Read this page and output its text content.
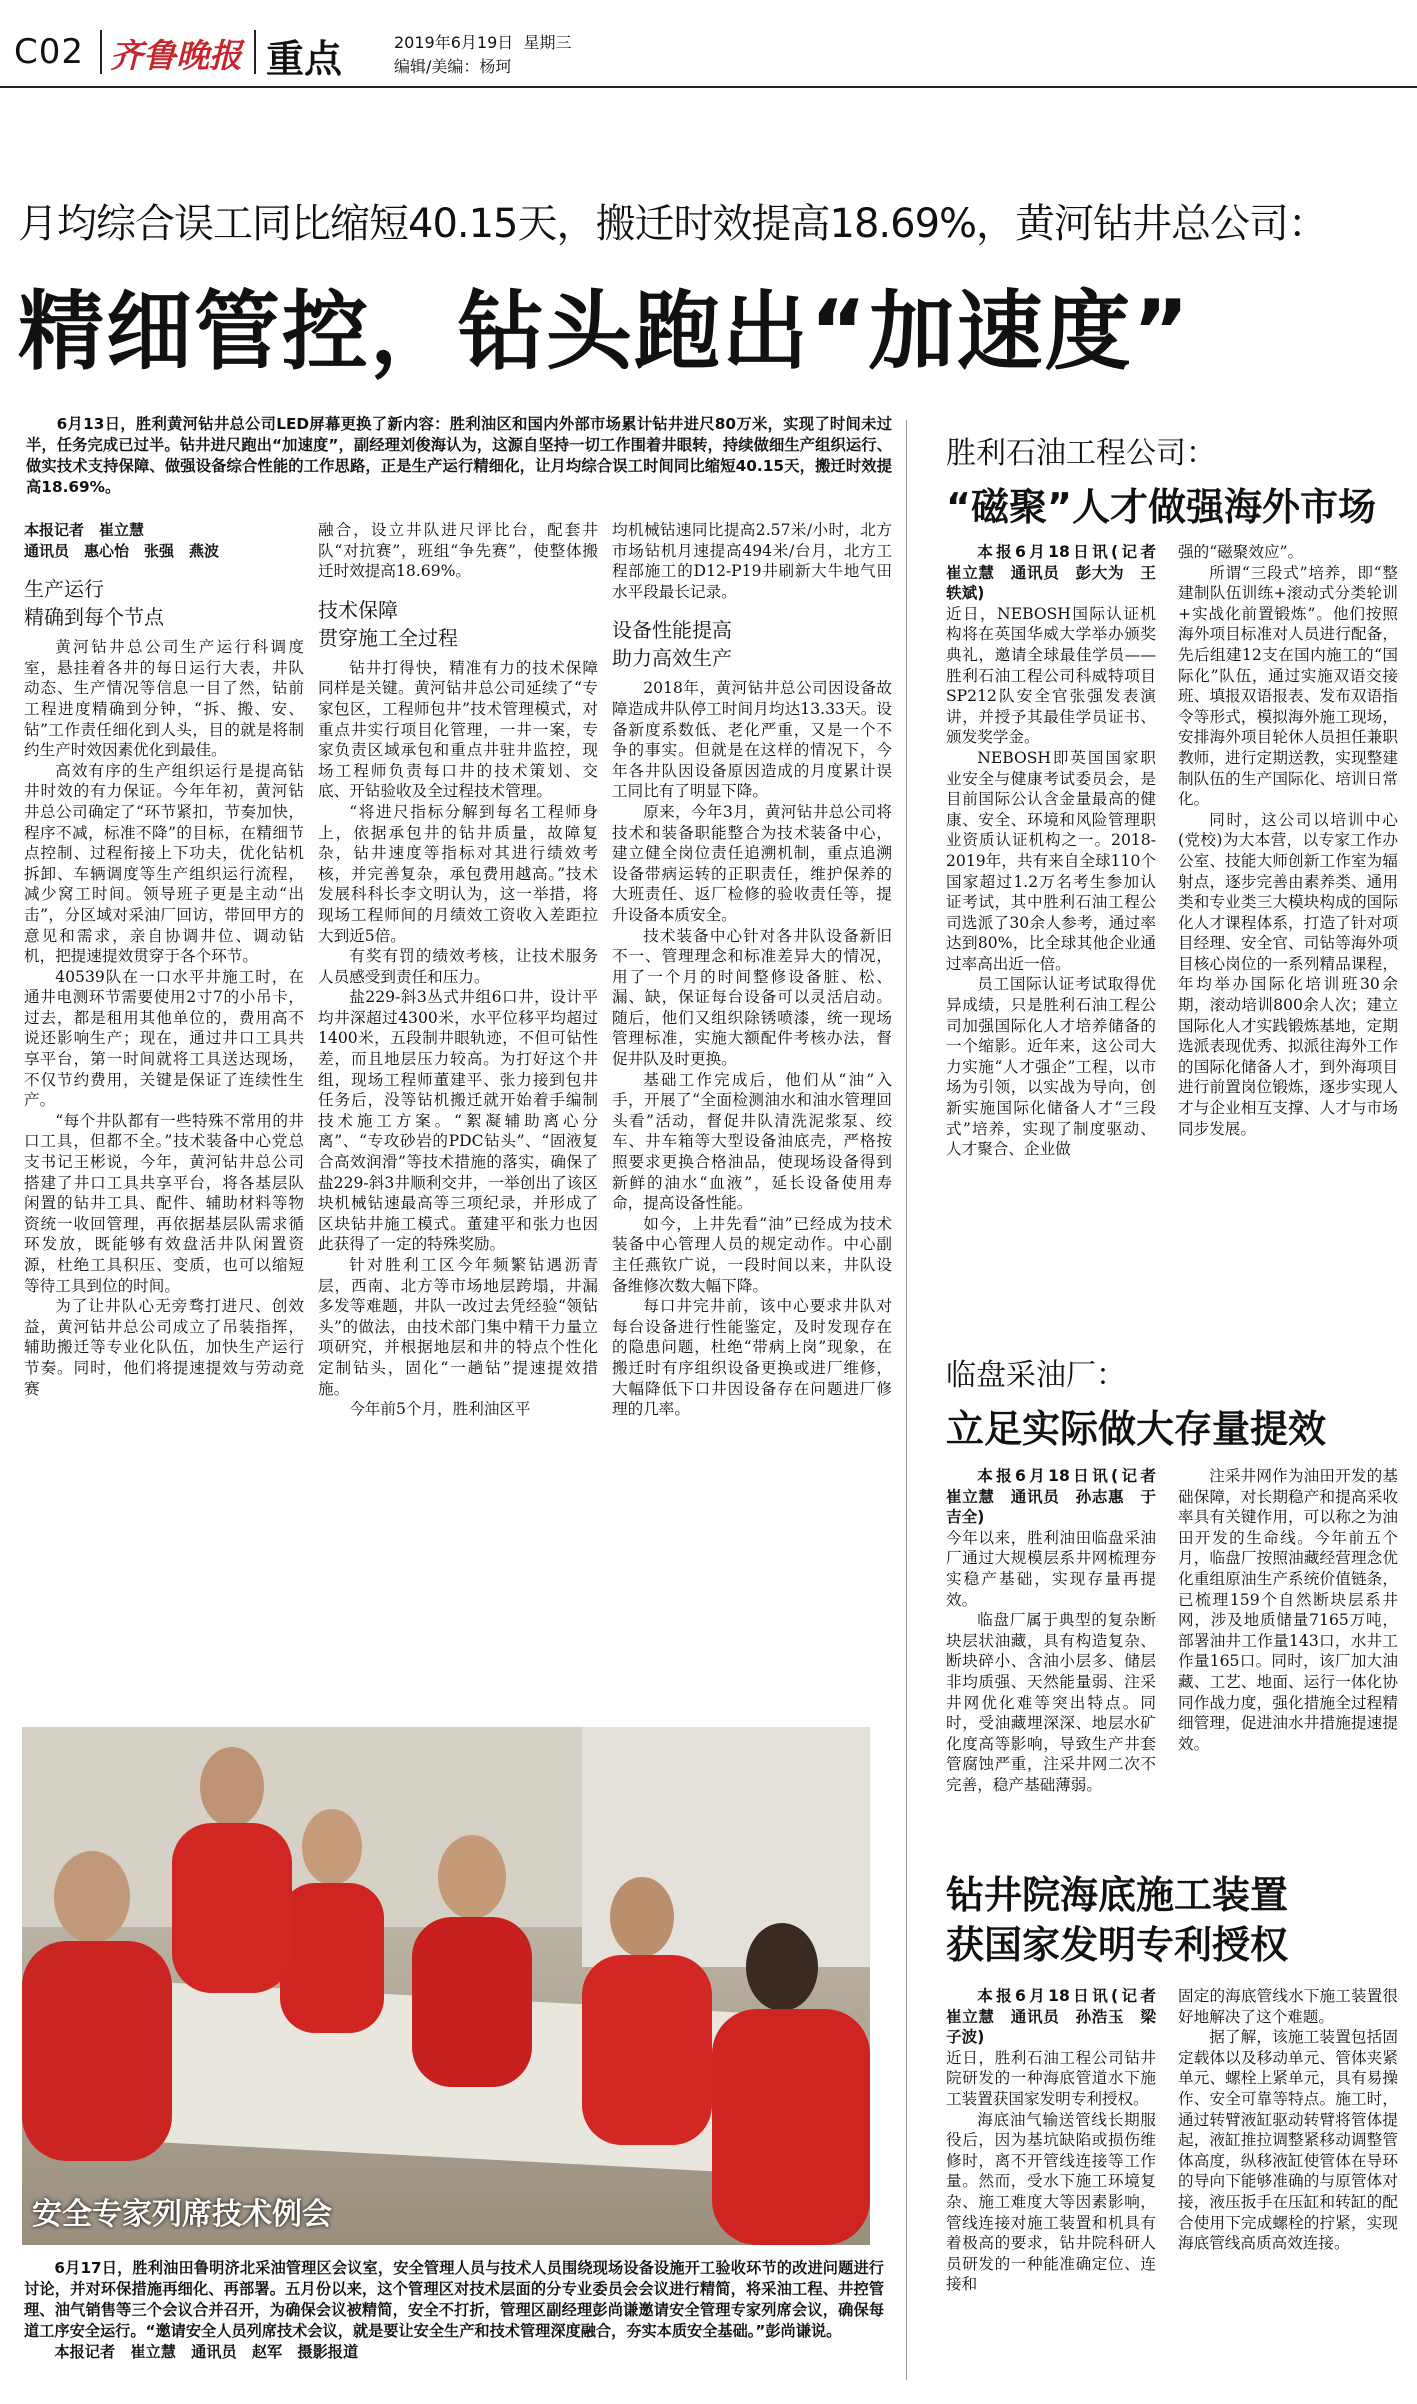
C02 齐鲁晚报 重点	2019年6月19日 星期三
编辑/美编：杨珂
月均综合误工同比缩短40.15天，搬迁时效提高18.69%，黄河钻井总公司：
精细管控，钻头跑出“加速度”
6月13日，胜利黄河钻井总公司LED屏幕更换了新内容：胜利油区和国内外部市场累计钻井进尺80万米，实现了时间未过半，任务完成已过半。钻井进尺跑出“加速度”，副经理刘俊海认为，这源自坚持一切工作围着井眼转，持续做细生产组织运行、做实技术支持保障、做强设备综合性能的工作思路，正是生产运行精细化，让月均综合误工时间同比缩短40.15天，搬迁时效提高18.69%。
本报记者　崔立慧
通讯员　惠心怡　张强　燕波
生产运行
精确到每个节点

黄河钻井总公司生产运行科调度室，悬挂着各井的每日运行大表，井队动态、生产情况等信息一目了然，钻前工程进度精确到分钟，“拆、搬、安、钻”工作责任细化到人头，目的就是将制约生产时效因素优化到最佳。

高效有序的生产组织运行是提高钻井时效的有力保证。今年年初，黄河钻井总公司确定了“环节紧扣，节奏加快，程序不减，标准不降”的目标，在精细节点控制、过程衔接上下功夫，优化钻机拆卸、车辆调度等生产组织运行流程，减少窝工时间。领导班子更是主动“出击”，分区域对采油厂回访，带回甲方的意见和需求，亲自协调井位、调动钻机，把提速提效贯穿于各个环节。

40539队在一口水平井施工时，在通井电测环节需要使用2寸7的小吊卡，过去，都是租用其他单位的，费用高不说还影响生产；现在，通过井口工具共享平台，第一时间就将工具送达现场，不仅节约费用，关键是保证了连续性生产。

“每个井队都有一些特殊不常用的井口工具，但都不全。”技术装备中心党总支书记王彬说，今年，黄河钻井总公司搭建了井口工具共享平台，将各基层队闲置的钻井工具、配件、辅助材料等物资统一收回管理，再依据基层队需求循环发放，既能够有效盘活井队闲置资源，杜绝工具积压、变质，也可以缩短等待工具到位的时间。

为了让井队心无旁骛打进尺、创效益，黄河钻井总公司成立了吊装指挥，辅助搬迁等专业化队伍，加快生产运行节奏。同时，他们将提速提效与劳动竞赛

融合，设立井队进尺评比台，配套井队“对抗赛”，班组“争先赛”，使整体搬迁时效提高18.69%。

技术保障
贯穿施工全过程

钻井打得快，精准有力的技术保障同样是关键。黄河钻井总公司延续了“专家包区，工程师包井”技术管理模式，对重点井实行项目化管理，一井一案，专家负责区域承包和重点井驻井监控，现场工程师负责每口井的技术策划、交底、开钻验收及全过程技术管理。

“将进尺指标分解到每名工程师身上，依据承包井的钻井质量，故障复杂，钻井速度等指标对其进行绩效考核，并完善复杂，承包费用越高。”技术发展科科长李文明认为，这一举措，将现场工程师间的月绩效工资收入差距拉大到近5倍。

有奖有罚的绩效考核，让技术服务人员感受到责任和压力。

盐229-斜3丛式井组6口井，设计平均井深超过4300米，水平位移平均超过1400米，五段制井眼轨迹，不但可钻性差，而且地层压力较高。为打好这个井组，现场工程师董建平、张力接到包井任务后，没等钻机搬迁就开始着手编制技术施工方案。“絮凝辅助离心分离”、“专攻砂岩的PDC钻头”、“固液复合高效润滑”等技术措施的落实，确保了盐229-斜3井顺利交井，一举创出了该区块机械钻速最高等三项纪录，并形成了区块钻井施工模式。董建平和张力也因此获得了一定的特殊奖励。

针对胜利工区今年频繁钻遇沥青层，西南、北方等市场地层跨塌，井漏多发等难题，井队一改过去凭经验“领钻头”的做法，由技术部门集中精干力量立项研究，并根据地层和井的特点个性化定制钻头，固化“一趟钻”提速提效措施。

今年前5个月，胜利油区平

均机械钻速同比提高2.57米/小时，北方市场钻机月速提高494米/台月，北方工程部施工的D12-P19井刷新大牛地气田水平段最长记录。

设备性能提高
助力高效生产

2018年，黄河钻井总公司因设备故障造成井队停工时间月均达13.33天。设备新度系数低、老化严重，又是一个不争的事实。但就是在这样的情况下，今年各井队因设备原因造成的月度累计误工同比有了明显下降。

原来，今年3月，黄河钻井总公司将技术和装备职能整合为技术装备中心，建立健全岗位责任追溯机制，重点追溯设备带病运转的正职责任，维护保养的大班责任、返厂检修的验收责任等，提升设备本质安全。

技术装备中心针对各井队设备新旧不一、管理理念和标准差异大的情况，用了一个月的时间整修设备脏、松、漏、缺，保证每台设备可以灵活启动。随后，他们又组织除锈喷漆，统一现场管理标准，实施大额配件考核办法，督促井队及时更换。

基础工作完成后，他们从“油”入手，开展了“全面检测油水和油水管理回头看”活动，督促井队清洗泥浆泵、绞车、井车箱等大型设备油底壳，严格按照要求更换合格油品，使现场设备得到新鲜的油水“血液”，延长设备使用寿命，提高设备性能。

如今，上井先看“油”已经成为技术装备中心管理人员的规定动作。中心副主任燕钦广说，一段时间以来，井队设备维修次数大幅下降。

每口井完井前，该中心要求井队对每台设备进行性能鉴定，及时发现存在的隐患问题，杜绝“带病上岗”现象，在搬迁时有序组织设备更换或进厂维修，大幅降低下口井因设备存在问题进厂修理的几率。

安全专家列席技术例会
6月17日，胜利油田鲁明济北采油管理区会议室，安全管理人员与技术人员围绕现场设备设施开工验收环节的改进问题进行讨论，并对环保措施再细化、再部署。五月份以来，这个管理区对技术层面的分专业委员会会议进行精简，将采油工程、井控管理、油气销售等三个会议合并召开，为确保会议被精简，安全不打折，管理区副经理彭尚谦邀请安全管理专家列席会议，确保每道工序安全运行。“邀请安全人员列席技术会议，就是要让安全生产和技术管理深度融合，夯实本质安全基础。”彭尚谦说。
本报记者　崔立慧　通讯员　赵军　摄影报道
胜利石油工程公司：
“磁聚”人才做强海外市场

本报6月18日讯(记者　崔立慧　通讯员　彭大为　王轶斌)

近日，NEBOSH国际认证机构将在英国华威大学举办颁奖典礼，邀请全球最佳学员——胜利石油工程公司科威特项目SP212队安全官张强发表演讲，并授予其最佳学员证书、颁发奖学金。

NEBOSH即英国国家职业安全与健康考试委员会，是目前国际公认含金量最高的健康、安全、环境和风险管理职业资质认证机构之一。2018-2019年，共有来自全球110个国家超过1.2万名考生参加认证考试，其中胜利石油工程公司选派了30余人参考，通过率达到80%，比全球其他企业通过率高出近一倍。

员工国际认证考试取得优异成绩，只是胜利石油工程公司加强国际化人才培养储备的一个缩影。近年来，这公司大力实施“人才强企”工程，以市场为引领，以实战为导向，创新实施国际化储备人才“三段式”培养，实现了制度驱动、人才聚合、企业做

强的“磁聚效应”。

所谓“三段式”培养，即“整建制队伍训练+滚动式分类轮训+实战化前置锻炼”。他们按照海外项目标准对人员进行配备，先后组建12支在国内施工的“国际化”队伍，通过实施双语交接班、填报双语报表、发布双语指令等形式，模拟海外施工现场，安排海外项目轮休人员担任兼职教师，进行定期送教，实现整建制队伍的生产国际化、培训日常化。

同时，这公司以培训中心(党校)为大本营，以专家工作办公室、技能大师创新工作室为辐射点，逐步完善由素养类、通用类和专业类三大模块构成的国际化人才课程体系，打造了针对项目经理、安全官、司钻等海外项目核心岗位的一系列精品课程，年均举办国际化培训班30余期，滚动培训800余人次；建立国际化人才实践锻炼基地，定期选派表现优秀、拟派往海外工作的国际化储备人才，到外海项目进行前置岗位锻炼，逐步实现人才与企业相互支撑、人才与市场同步发展。

临盘采油厂：
立足实际做大存量提效

本报6月18日讯(记者　崔立慧　通讯员　孙志惠　于吉全)

今年以来，胜利油田临盘采油厂通过大规模层系井网梳理夯实稳产基础，实现存量再提效。

临盘厂属于典型的复杂断块层状油藏，具有构造复杂、断块碎小、含油小层多、储层非均质强、天然能量弱、注采井网优化难等突出特点。同时，受油藏埋深深、地层水矿化度高等影响，导致生产井套管腐蚀严重，注采井网二次不完善，稳产基础薄弱。

注采井网作为油田开发的基础保障，对长期稳产和提高采收率具有关键作用，可以称之为油田开发的生命线。今年前五个月，临盘厂按照油藏经营理念优化重组原油生产系统价值链条，已梳理159个自然断块层系井网，涉及地质储量7165万吨，部署油井工作量143口，水井工作量165口。同时，该厂加大油藏、工艺、地面、运行一体化协同作战力度，强化措施全过程精细管理，促进油水井措施提速提效。

钻井院海底施工装置
获国家发明专利授权

本报6月18日讯(记者　崔立慧　通讯员　孙浩玉　梁子波)

近日，胜利石油工程公司钻井院研发的一种海底管道水下施工装置获国家发明专利授权。

海底油气输送管线长期服役后，因为基坑缺陷或损伤维修时，离不开管线连接等工作量。然而，受水下施工环境复杂、施工难度大等因素影响，管线连接对施工装置和机具有着极高的要求，钻井院科研人员研发的一种能准确定位、连接和

固定的海底管线水下施工装置很好地解决了这个难题。

据了解，该施工装置包括固定载体以及移动单元、管体夹紧单元、螺栓上紧单元，具有易操作、安全可靠等特点。施工时，通过转臂液缸驱动转臂将管体提起，液缸推拉调整紧移动调整管体高度，纵移液缸使管体在导环的导向下能够准确的与原管体对接，液压扳手在压缸和转缸的配合使用下完成螺栓的拧紧，实现海底管线高质高效连接。
